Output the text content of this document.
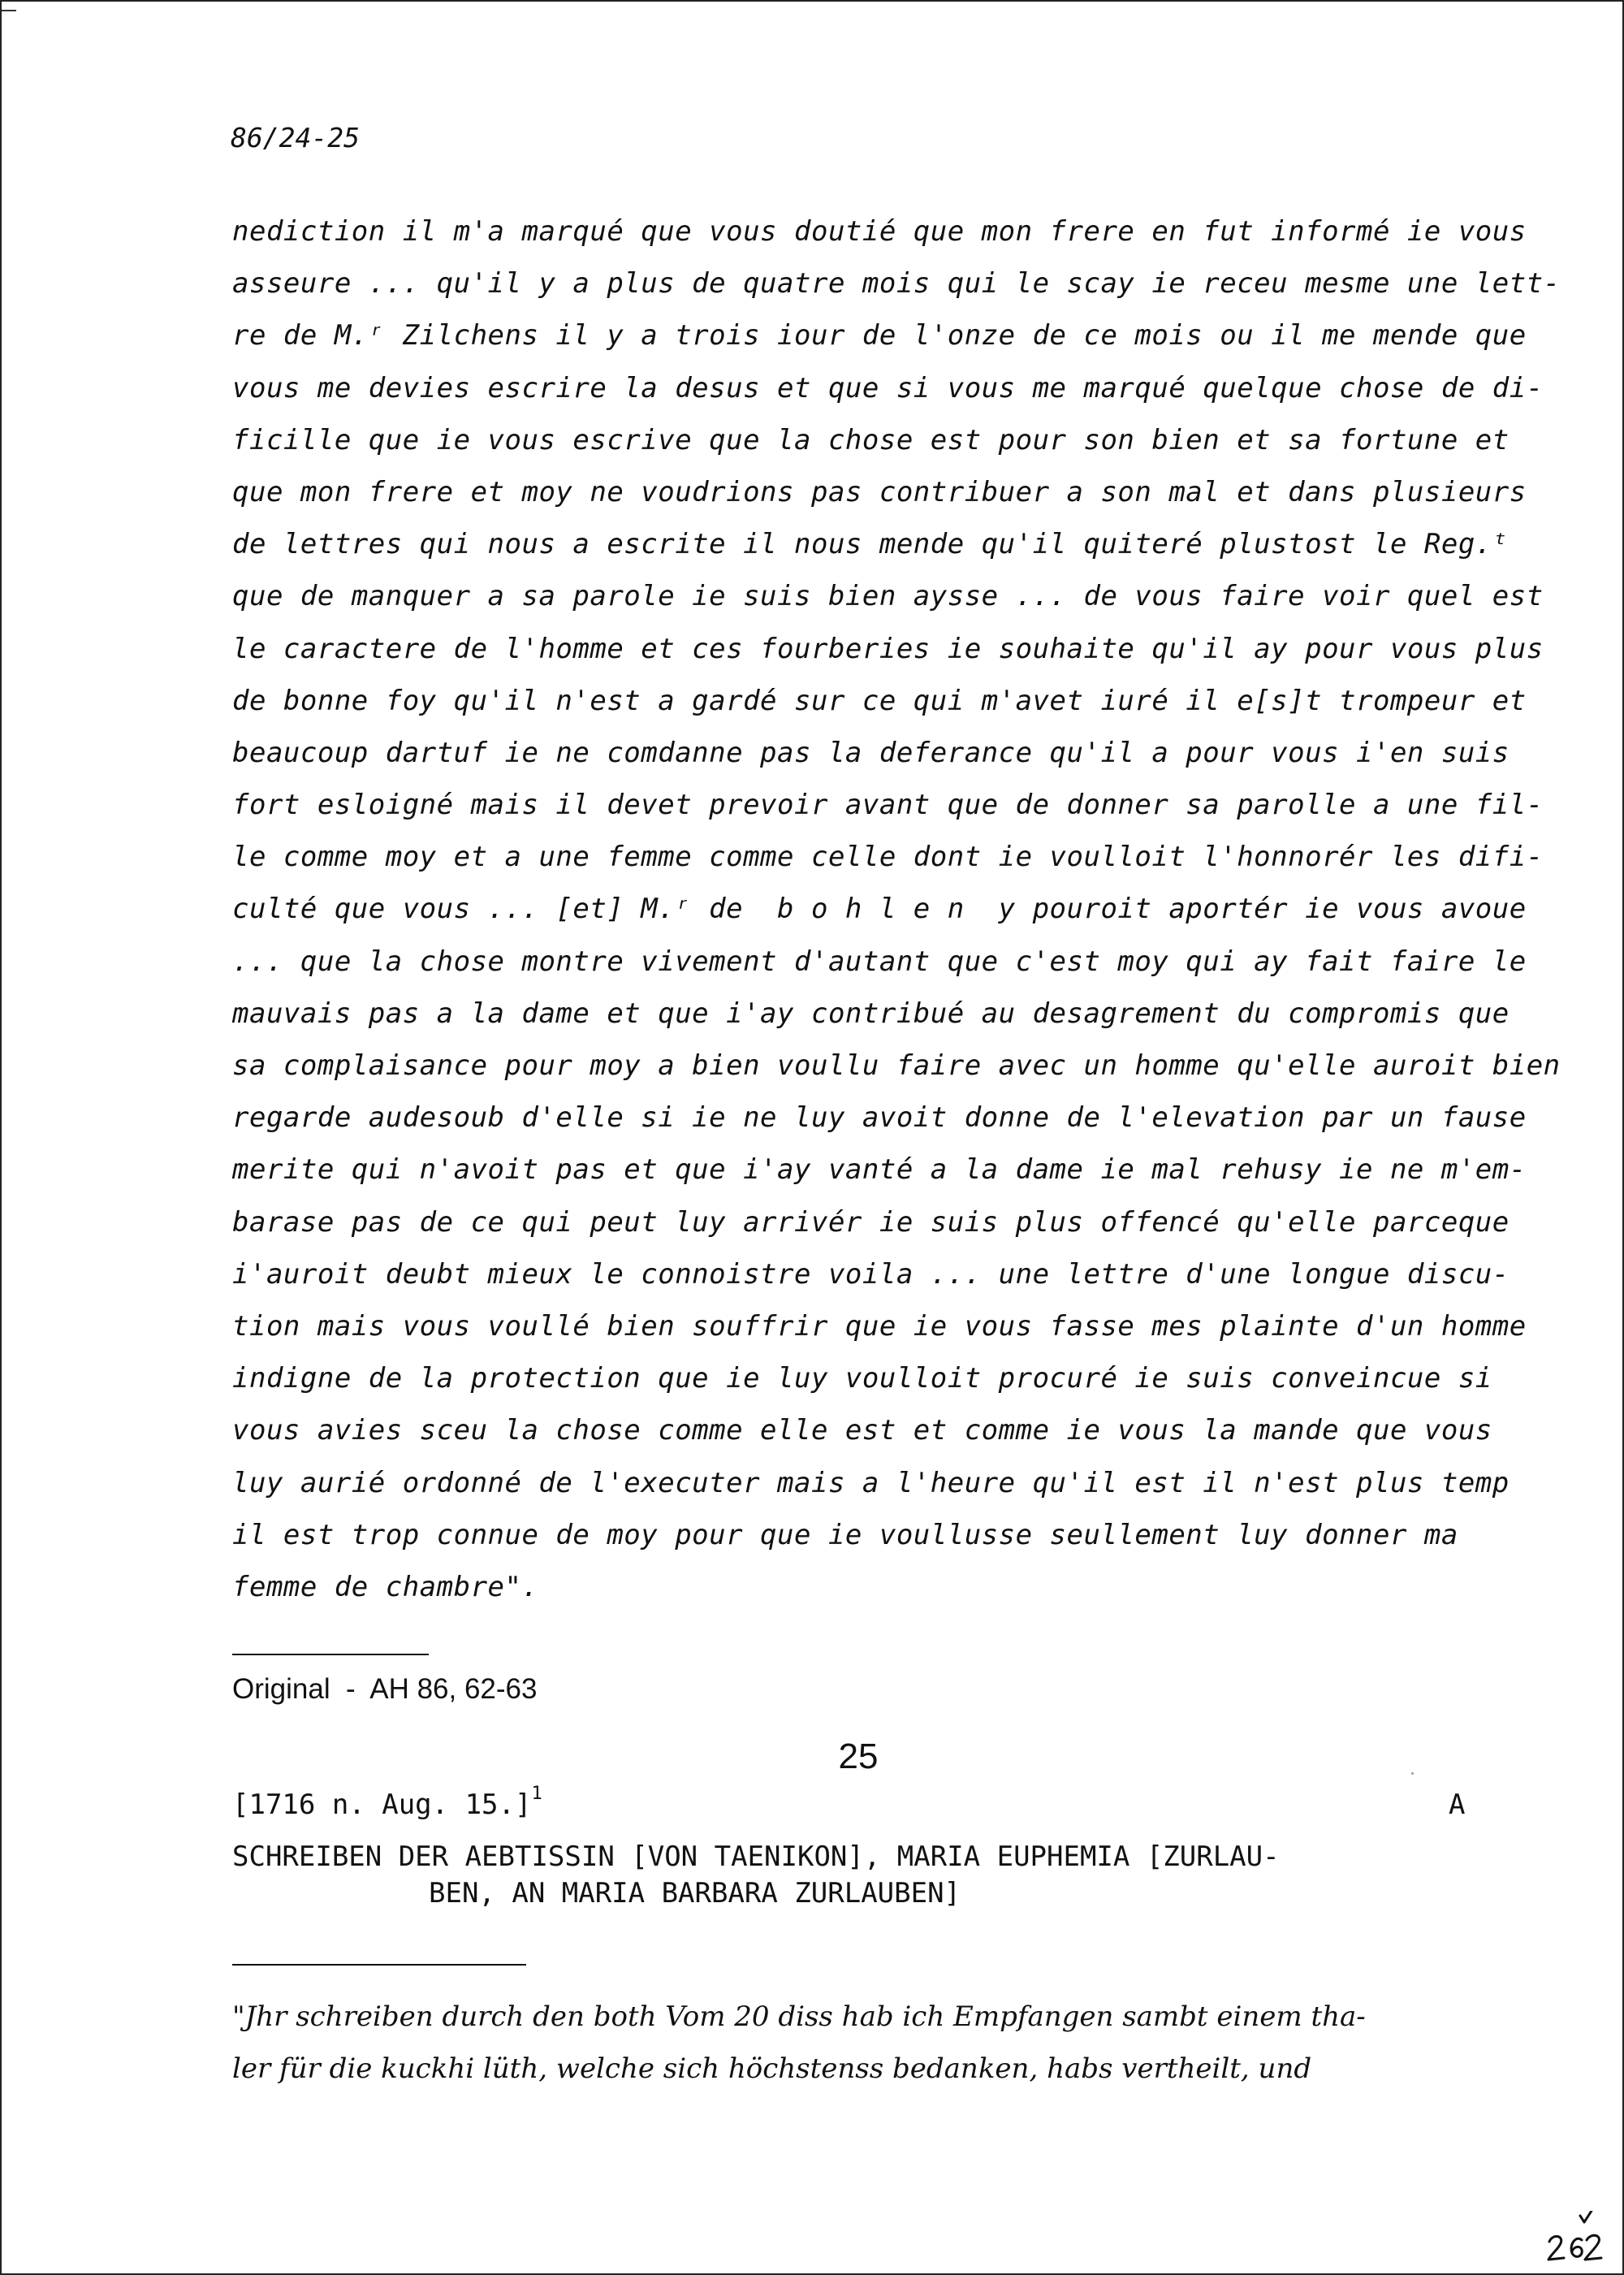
86/24-25
nediction il m'a marqué que vous doutié que mon frere en fut informé ie vous
asseure ... qu'il y a plus de quatre mois qui le scay ie receu mesme une lett-
re de M.ʳ Zilchens il y a trois iour de l'onze de ce mois ou il me mende que
vous me devies escrire la desus et que si vous me marqué quelque chose de di-
ficille que ie vous escrive que la chose est pour son bien et sa fortune et
que mon frere et moy ne voudrions pas contribuer a son mal et dans plusieurs
de lettres qui nous a escrite il nous mende qu'il quiteré plustost le Reg.ᵗ
que de manquer a sa parole ie suis bien aysse ... de vous faire voir quel est
le caractere de l'homme et ces fourberies ie souhaite qu'il ay pour vous plus
de bonne foy qu'il n'est a gardé sur ce qui m'avet iuré il e[s]t trompeur et
beaucoup dartuf ie ne comdanne pas la deferance qu'il a pour vous i'en suis
fort esloigné mais il devet prevoir avant que de donner sa parolle a une fil-
le comme moy et a une femme comme celle dont ie voulloit l'honnorér les difi-
culté que vous ... [et] M.ʳ de  b o h l e n  y pouroit aportér ie vous avoue
... que la chose montre vivement d'autant que c'est moy qui ay fait faire le
mauvais pas a la dame et que i'ay contribué au desagrement du compromis que
sa complaisance pour moy a bien voullu faire avec un homme qu'elle auroit bien
regarde audesoub d'elle si ie ne luy avoit donne de l'elevation par un fause
merite qui n'avoit pas et que i'ay vanté a la dame ie mal rehusy ie ne m'em-
barase pas de ce qui peut luy arrivér ie suis plus offencé qu'elle parceque
i'auroit deubt mieux le connoistre voila ... une lettre d'une longue discu-
tion mais vous voullé bien souffrir que ie vous fasse mes plainte d'un homme
indigne de la protection que ie luy voulloit procuré ie suis conveincue si
vous avies sceu la chose comme elle est et comme ie vous la mande que vous
luy aurié ordonné de l'executer mais a l'heure qu'il est il n'est plus temp
il est trop connue de moy pour que ie voullusse seullement luy donner ma
femme de chambre".
Original  -  AH 86, 62-63
25
[1716 n. Aug. 15.]$^1$	A
SCHREIBEN DER AEBTISSIN [VON TAENIKON], MARIA EUPHEMIA [ZURLAU-
BEN, AN MARIA BARBARA ZURLAUBEN]
"Jhr schreiben durch den both Vom 20 diss hab ich Empfangen sambt einem tha-
ler für die kuckhi lüth, welche sich höchstenss bedanken, habs vertheilt, und
